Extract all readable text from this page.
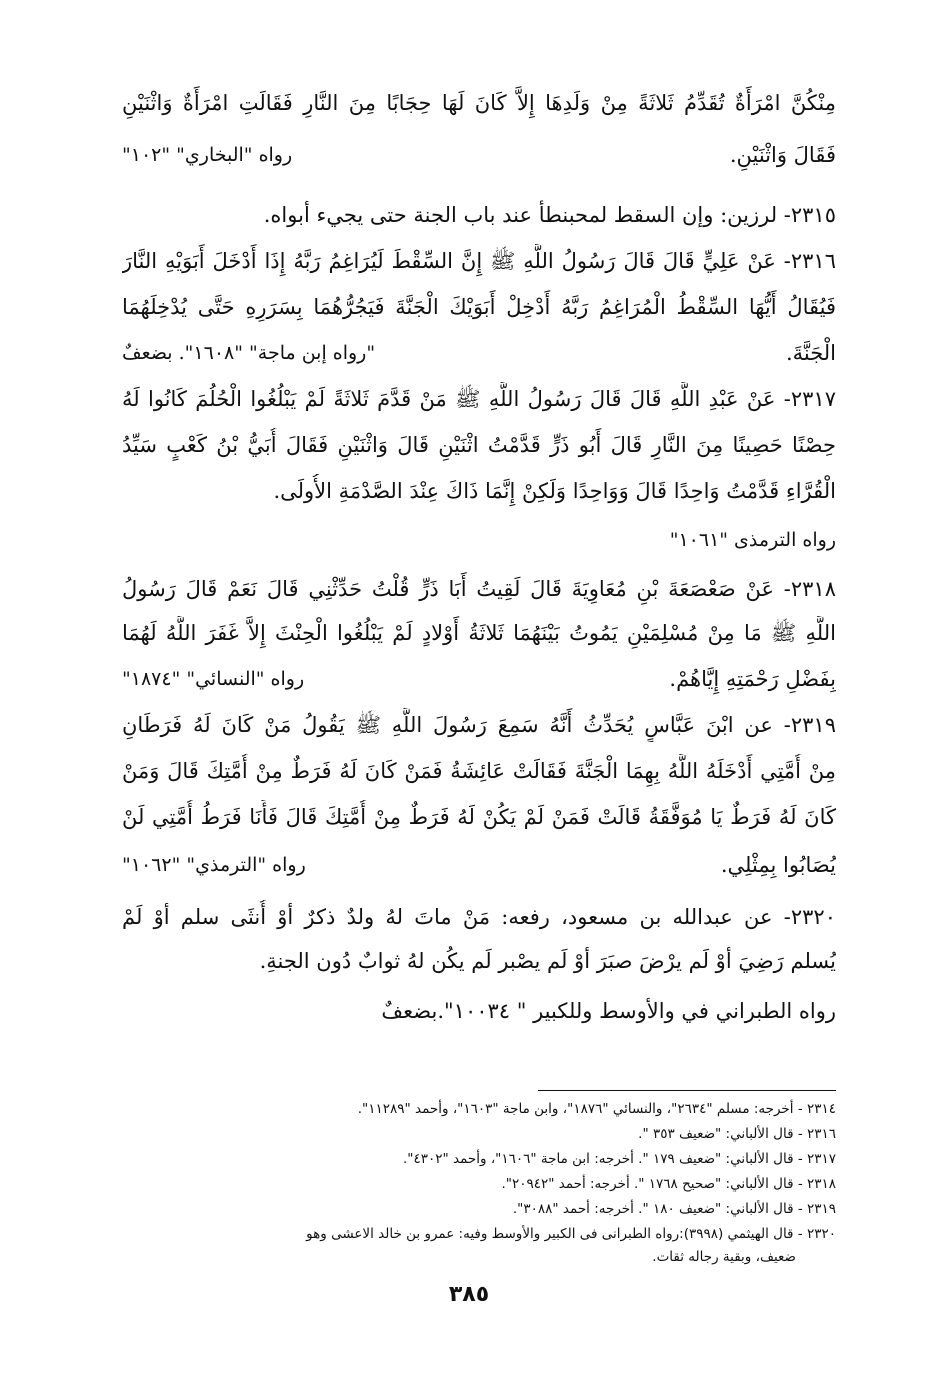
مِنْكُنَّ امْرَأَةٌ تُقَدِّمُ ثَلاثَةً مِنْ وَلَدِهَا إِلاَّ كَانَ لَهَا حِجَابًا مِنَ النَّارِ فَقَالَتِ امْرَأَةٌ وَاثْنَيْنِ
فَقَالَ وَاثْنَيْنِ.
رواه "البخاري" "١٠٢"
٢٣١٥- لرزين: وإن السقط لمحبنطأ عند باب الجنة حتى يجيء أبواه.
٢٣١٦- عَنْ عَلِيٍّ قَالَ قَالَ رَسُولُ اللَّهِ ﷺ إِنَّ السِّقْطَ لَيُرَاغِمُ رَبَّهُ إِذَا أَدْخَلَ أَبَوَيْهِ النَّارَ
فَيُقَالُ أَيُّهَا السِّقْطُ الْمُرَاغِمُ رَبَّهُ أَدْخِلْ أَبَوَيْكَ الْجَنَّةَ فَيَجُرُّهُمَا بِسَرَرِهِ حَتَّى يُدْخِلَهُمَا
الْجَنَّةَ.
"رواه إبن ماجة" "١٦٠٨". بضعفٌ
٢٣١٧- عَنْ عَبْدِ اللَّهِ قَالَ قَالَ رَسُولُ اللَّهِ ﷺ مَنْ قَدَّمَ ثَلاثَةً لَمْ يَبْلُغُوا الْحُلُمَ كَانُوا لَهُ
حِصْنًا حَصِينًا مِنَ النَّارِ قَالَ أَبُو ذَرٍّ قَدَّمْتُ اثْنَيْنِ قَالَ وَاثْنَيْنِ فَقَالَ أُبَيُّ بْنُ كَعْبٍ سَيِّدُ
الْقُرَّاءِ قَدَّمْتُ وَاحِدًا قَالَ وَوَاحِدًا وَلَكِنْ إِنَّمَا ذَاكَ عِنْدَ الصَّدْمَةِ الأُولَى.
رواه الترمذى "١٠٦١"
٢٣١٨- عَنْ صَعْصَعَةَ بْنِ مُعَاوِيَةَ قَالَ لَقِيتُ أَبَا ذَرٍّ قُلْتُ حَدِّثْنِي قَالَ نَعَمْ قَالَ رَسُولُ
اللَّهِ ﷺ مَا مِنْ مُسْلِمَيْنِ يَمُوتُ بَيْنَهُمَا ثَلاثَةُ أَوْلادٍ لَمْ يَبْلُغُوا الْحِنْثَ إِلاَّ غَفَرَ اللَّهُ لَهُمَا
بِفَضْلِ رَحْمَتِهِ إِيَّاهُمْ.
رواه "النسائي" "١٨٧٤"
٢٣١٩- عن ابْنَ عَبَّاسٍ يُحَدِّثُ أَنَّهُ سَمِعَ رَسُولَ اللَّهِ ﷺ يَقُولُ مَنْ كَانَ لَهُ فَرَطَانِ
مِنْ أُمَّتِي أَدْخَلَهُ اللَّهُ بِهِمَا الْجَنَّةَ فَقَالَتْ عَائِشَةُ فَمَنْ كَانَ لَهُ فَرَطٌ مِنْ أُمَّتِكَ قَالَ وَمَنْ
كَانَ لَهُ فَرَطٌ يَا مُوَفَّقَةُ قَالَتْ فَمَنْ لَمْ يَكُنْ لَهُ فَرَطٌ مِنْ أُمَّتِكَ قَالَ فَأَنَا فَرَطُ أُمَّتِي لَنْ
يُصَابُوا بِمِثْلِي.
رواه "الترمذي" "١٠٦٢"
٢٣٢٠- عن عبدالله بن مسعود، رفعه: مَنْ ماتَ لهُ ولدٌ ذكرٌ أوْ أُنثَى سلم أوْ لَمْ
يُسلم رَضِيَ أوْ لَم يرْضَ صبَرَ أوْ لَم يصْبر لَم يكُن لهُ ثوابٌ دُون الجنةِ.
رواه الطبراني في والأوسط وللكبير " ١٠٠٣٤".بضعفٌ
٢٣١٤ - أخرجه: مسلم "٢٦٣٤"، والنسائي "١٨٧٦"، وابن ماجة "١٦٠٣"، وأحمد "١١٢٨٩".
٢٣١٦ - قال الألباني: "ضعيف ٣٥٣ ".
٢٣١٧ - قال الألباني: "ضعيف ١٧٩ ". أخرجه: ابن ماجة "١٦٠٦"، وأحمد "٤٣٠٢".
٢٣١٨ - قال الألباني: "صحيح ١٧٦٨ ". أخرجه: أحمد "٢٠٩٤٢".
٢٣١٩ - قال الألباني: "ضعيف ١٨٠ ". أخرجه: أحمد "٣٠٨٨".
٢٣٢٠ - قال الهيثمي (٣٩٩٨):رواه الطبرانى فى الكبير والأوسط وفيه: عمرو بن خالد الاعشى وهو
ضعيف، وبقية رجاله ثقات.
٣٨٥
